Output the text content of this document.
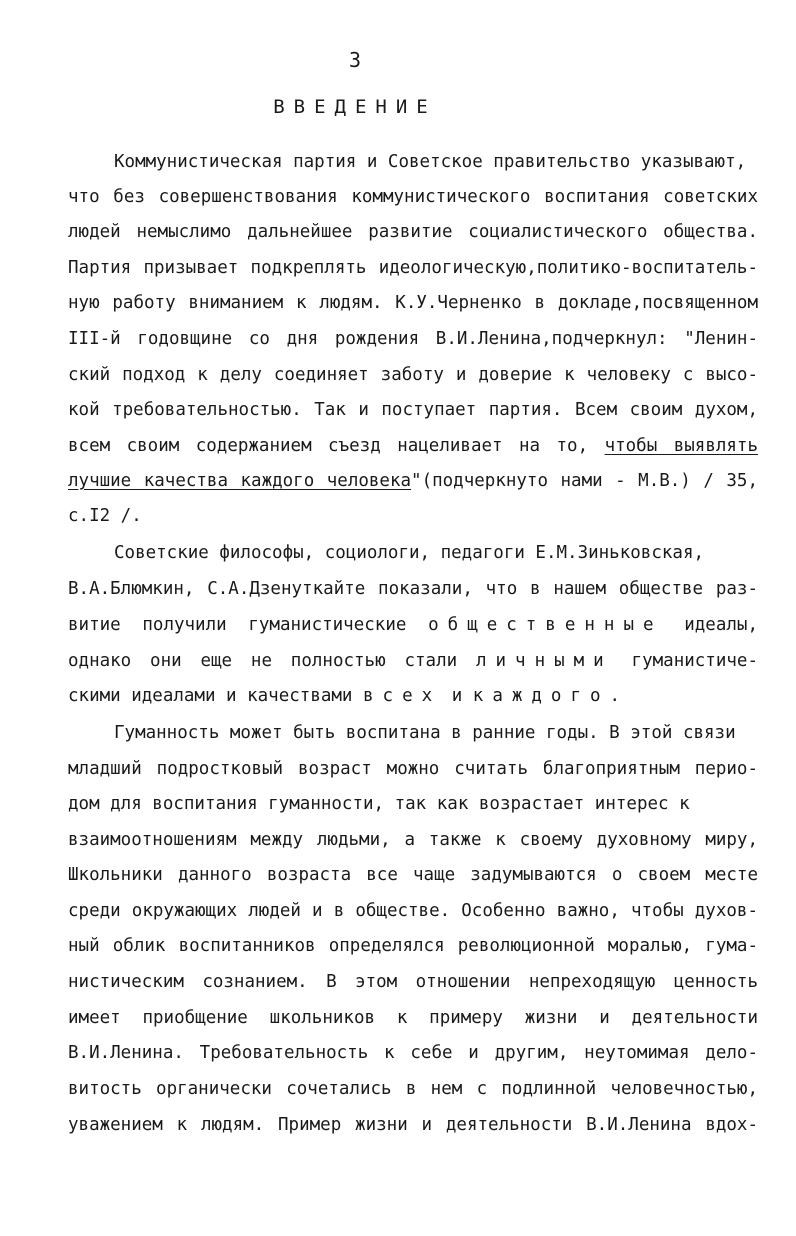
3
ВВЕДЕНИЕ
Коммунистическая партия и Советское правительство указывают,
что без совершенствования коммунистического воспитания советских
людей немыслимо дальнейшее развитие социалистического общества.
Партия призывает подкреплять идеологическую,политико-воспитатель-
ную работу вниманием к людям. К.У.Черненко в докладе,посвященном
III-й годовщине со дня рождения В.И.Ленина,подчеркнул: "Ленин-
ский подход к делу соединяет заботу и доверие к человеку с высо-
кой требовательностью. Так и поступает партия. Всем своим духом,
всем своим содержанием съезд нацеливает на то, чтобы выявлять
лучшие качества каждого человека"(подчеркнуто нами - М.В.) / 35,
с.I2 /.
Советские философы, социологи, педагоги Е.М.Зиньковская,
В.А.Блюмкин, С.А.Дзенуткайте показали, что в нашем обществе раз-
витие получили гуманистические общественные идеалы,
однако они еще не полностью стали личными гуманистиче-
скими идеалами и качествами всех и каждого.
Гуманность может быть воспитана в ранние годы. В этой связи
младший подростковый возраст можно считать благоприятным перио-
дом для воспитания гуманности, так как возрастает интерес к
взаимоотношениям между людьми, а также к своему духовному миру,
Школьники данного возраста все чаще задумываются о своем месте
среди окружающих людей и в обществе. Особенно важно, чтобы духов-
ный облик воспитанников определялся революционной моралью, гума-
нистическим сознанием. В этом отношении непреходящую ценность
имеет приобщение школьников к примеру жизни и деятельности
В.И.Ленина. Требовательность к себе и другим, неутомимая дело-
витость органически сочетались в нем с подлинной человечностью,
уважением к людям. Пример жизни и деятельности В.И.Ленина вдох-
